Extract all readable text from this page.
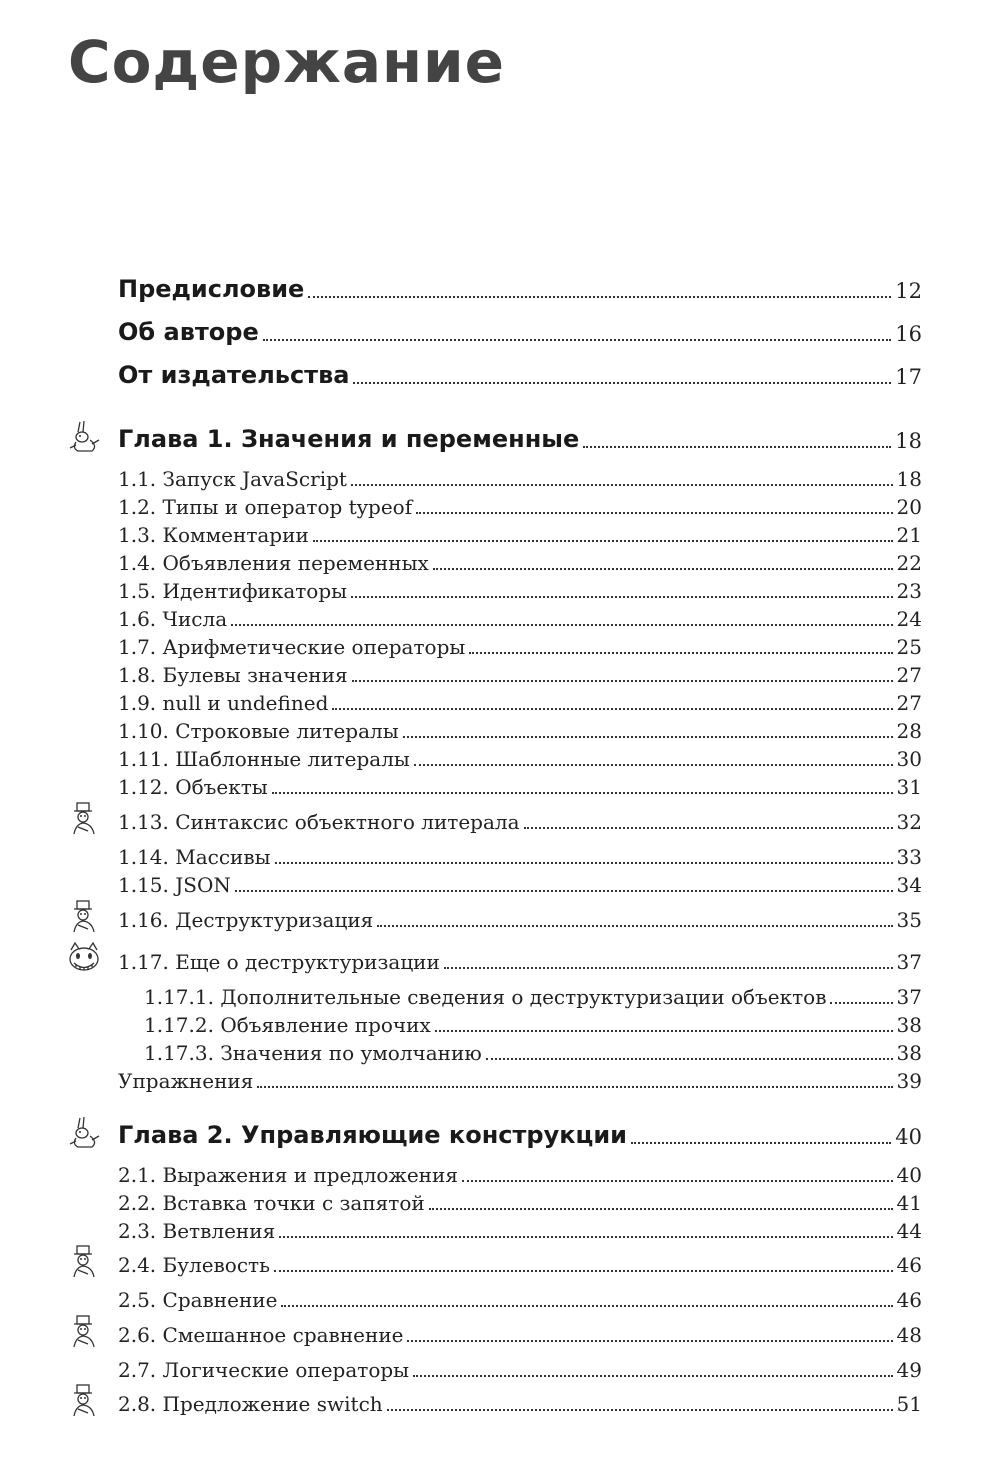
Содержание
Предисловие	12
Об авторе	16
От издательства	17
Глава 1. Значения и переменные	18
1.1. Запуск JavaScript	18
1.2. Типы и оператор typeof	20
1.3. Комментарии	21
1.4. Объявления переменных	22
1.5. Идентификаторы	23
1.6. Числа	24
1.7. Арифметические операторы	25
1.8. Булевы значения	27
1.9. null и undefined	27
1.10. Строковые литералы	28
1.11. Шаблонные литералы	30
1.12. Объекты	31
1.13. Синтаксис объектного литерала	32
1.14. Массивы	33
1.15. JSON	34
1.16. Деструктуризация	35
1.17. Еще о деструктуризации	37
1.17.1. Дополнительные сведения о деструктуризации объектов	37
1.17.2. Объявление прочих	38
1.17.3. Значения по умолчанию	38
Упражнения	39
Глава 2. Управляющие конструкции	40
2.1. Выражения и предложения	40
2.2. Вставка точки с запятой	41
2.3. Ветвления	44
2.4. Булевость	46
2.5. Сравнение	46
2.6. Смешанное сравнение	48
2.7. Логические операторы	49
2.8. Предложение switch	51
